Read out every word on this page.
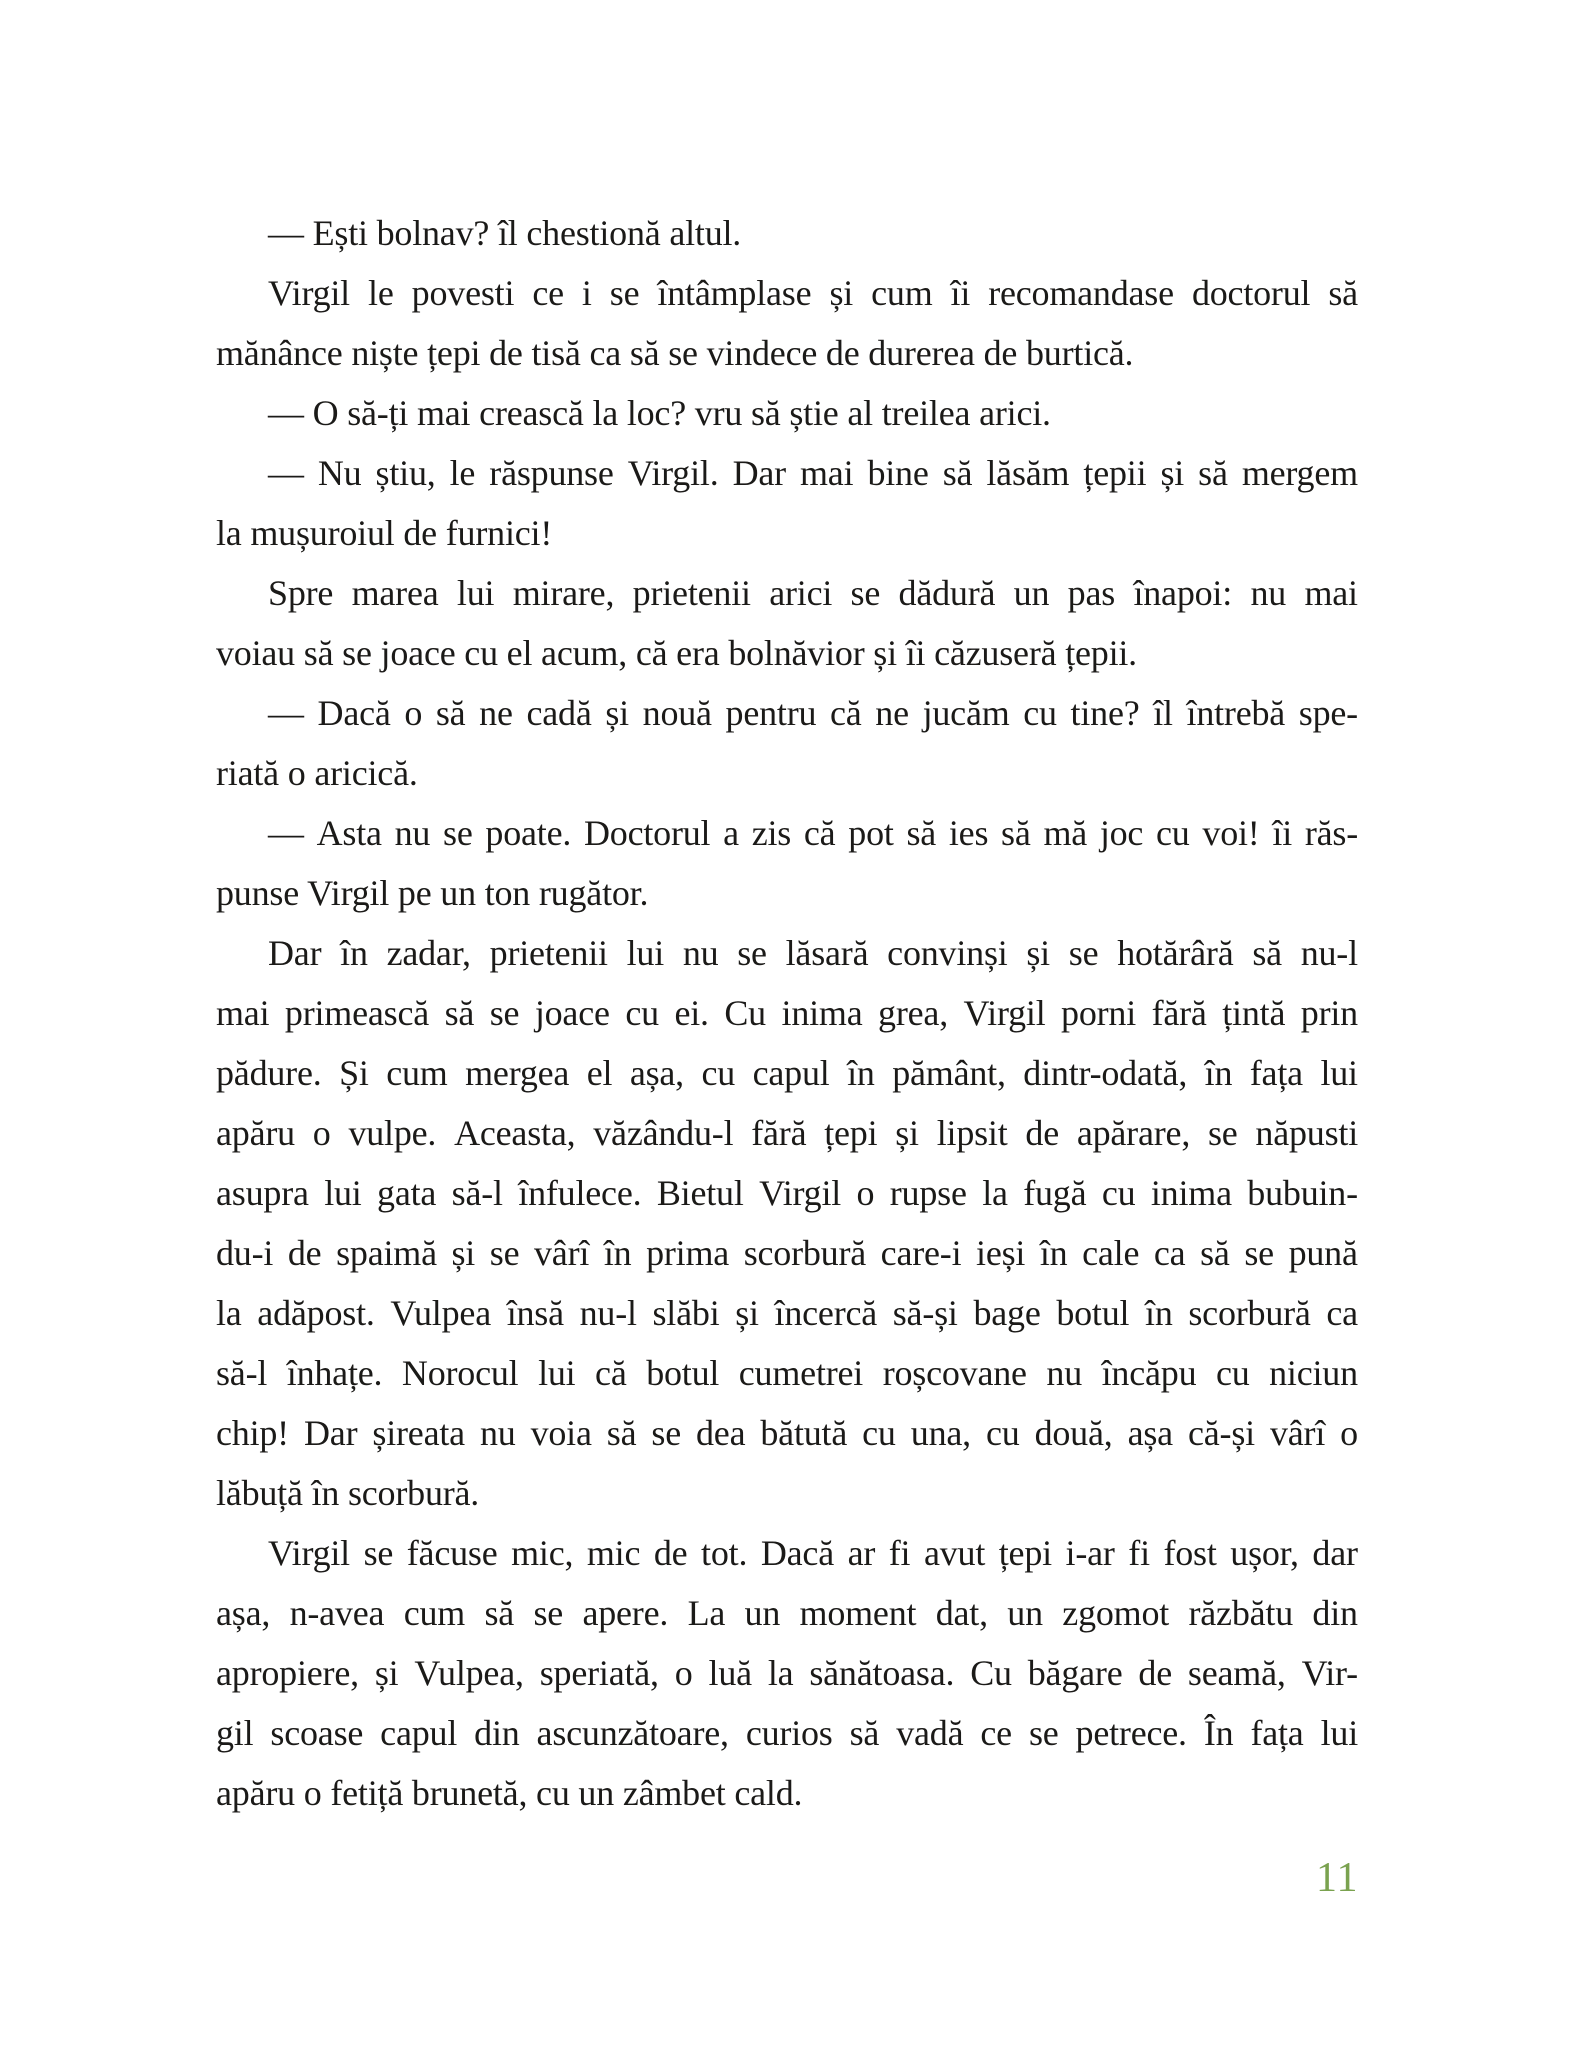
— Ești bolnav? îl chestionă altul.
Virgil le povesti ce i se întâmplase și cum îi recomandase doctorul să
mănânce niște țepi de tisă ca să se vindece de durerea de burtică.
— O să-ți mai crească la loc? vru să știe al treilea arici.
— Nu știu, le răspunse Virgil. Dar mai bine să lăsăm țepii și să mergem
la mușuroiul de furnici!
Spre marea lui mirare, prietenii arici se dădură un pas înapoi: nu mai
voiau să se joace cu el acum, că era bolnăvior și îi căzuseră țepii.
— Dacă o să ne cadă și nouă pentru că ne jucăm cu tine? îl întrebă spe-
riată o aricică.
— Asta nu se poate. Doctorul a zis că pot să ies să mă joc cu voi! îi răs-
punse Virgil pe un ton rugător.
Dar în zadar, prietenii lui nu se lăsară convinși și se hotărâră să nu-l
mai primească să se joace cu ei. Cu inima grea, Virgil porni fără țintă prin
pădure. Și cum mergea el așa, cu capul în pământ, dintr-odată, în fața lui
apăru o vulpe. Aceasta, văzându-l fără țepi și lipsit de apărare, se năpusti
asupra lui gata să-l înfulece. Bietul Virgil o rupse la fugă cu inima bubuin-
du-i de spaimă și se vârî în prima scorbură care-i ieși în cale ca să se pună
la adăpost. Vulpea însă nu-l slăbi și încercă să-și bage botul în scorbură ca
să-l înhațe. Norocul lui că botul cumetrei roșcovane nu încăpu cu niciun
chip! Dar șireata nu voia să se dea bătută cu una, cu două, așa că-și vârî o
lăbuță în scorbură.
Virgil se făcuse mic, mic de tot. Dacă ar fi avut țepi i-ar fi fost ușor, dar
așa, n-avea cum să se apere. La un moment dat, un zgomot răzbătu din
apropiere, și Vulpea, speriată, o luă la sănătoasa. Cu băgare de seamă, Vir-
gil scoase capul din ascunzătoare, curios să vadă ce se petrece. În fața lui
apăru o fetiță brunetă, cu un zâmbet cald.
11
